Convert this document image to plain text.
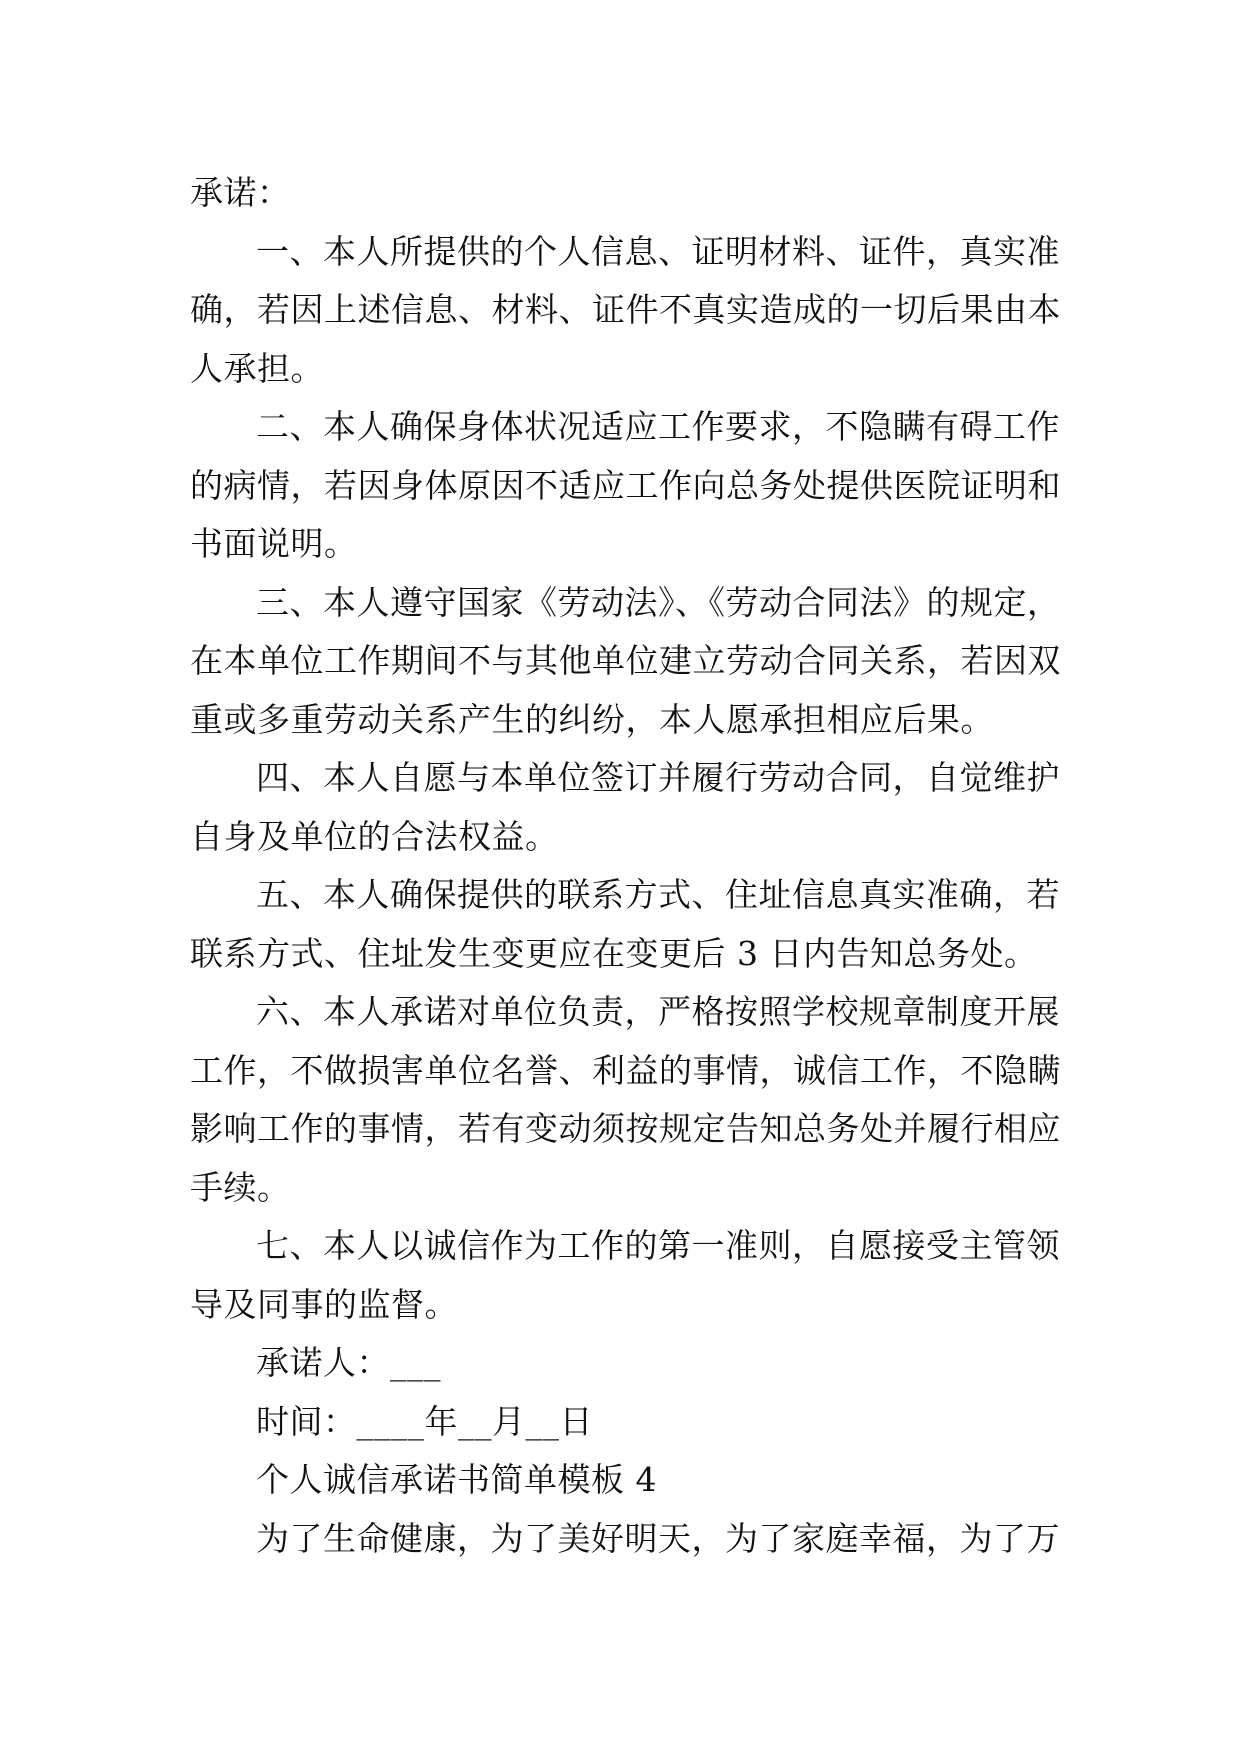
承诺：

一、本人所提供的个人信息、证明材料、证件，真实准

确，若因上述信息、材料、证件不真实造成的一切后果由本

人承担。

二、本人确保身体状况适应工作要求，不隐瞒有碍工作

的病情，若因身体原因不适应工作向总务处提供医院证明和

书面说明。

三、本人遵守国家《劳动法》、《劳动合同法》的规定，

在本单位工作期间不与其他单位建立劳动合同关系，若因双

重或多重劳动关系产生的纠纷，本人愿承担相应后果。

四、本人自愿与本单位签订并履行劳动合同，自觉维护

自身及单位的合法权益。

五、本人确保提供的联系方式、住址信息真实准确，若

联系方式、住址发生变更应在变更后 3 日内告知总务处。

六、本人承诺对单位负责，严格按照学校规章制度开展

工作，不做损害单位名誉、利益的事情，诚信工作，不隐瞒

影响工作的事情，若有变动须按规定告知总务处并履行相应

手续。

七、本人以诚信作为工作的第一准则，自愿接受主管领

导及同事的监督。

承诺人：___

时间：____年__月__日

个人诚信承诺书简单模板 4

为了生命健康，为了美好明天，为了家庭幸福，为了万
